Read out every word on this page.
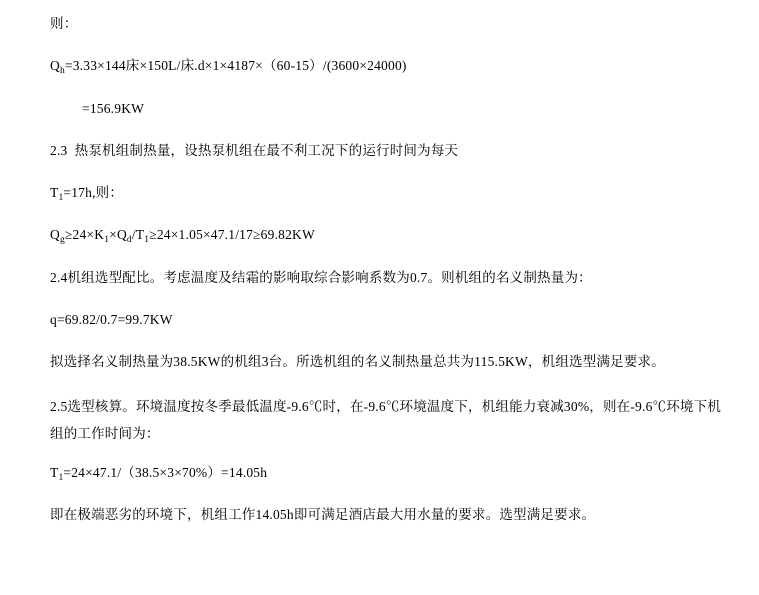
则：

$Q_h=3.33\times 144$床×150L/床.d×1×4187×（60-15）/(3600×24000)

=156.9KW

2.3  热泵机组制热量，设热泵机组在最不利工况下的运行时间为每天

$T_1=17h$,则：

$Q_g\ge 24\times K_1\times Q_d/T_1\ge 24\times 1.05\times 47.1/17\ge 69.82KW$

2.4机组选型配比。考虑温度及结霜的影响取综合影响系数为0.7。则机组的名义制热量为：

q=69.82/0.7=99.7KW

拟选择名义制热量为38.5KW的机组3台。所选机组的名义制热量总共为115.5KW，机组选型满足要求。

2.5选型核算。环境温度按冬季最低温度-9.6℃时，在-9.6℃环境温度下，机组能力衰减30%，则在-9.6℃环境下机组的工作时间为：

$T_1=24\times 47.1/(38.5\times 3\times 70\%)=14.05h$

即在极端恶劣的环境下，机组工作14.05h即可满足酒店最大用水量的要求。选型满足要求。
